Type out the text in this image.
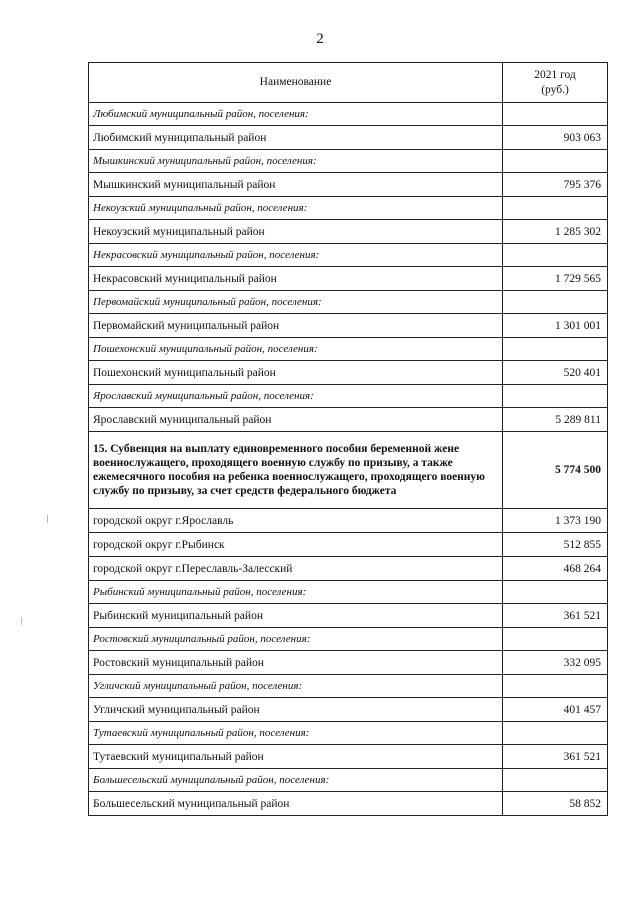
2
Наименование	2021 год
(руб.)
Любимский муниципальный район, поселения:	
Любимский муниципальный район	903 063
Мышкинский муниципальный район, поселения:	
Мышкинский муниципальный район	795 376
Некоузский муниципальный район, поселения:	
Некоузский муниципальный район	1 285 302
Некрасовский муниципальный район, поселения:	
Некрасовский муниципальный район	1 729 565
Первомайский муниципальный район, поселения:	
Первомайский муниципальный район	1 301 001
Пошехонский муниципальный район, поселения:	
Пошехонский муниципальный район	520 401
Ярославский муниципальный район, поселения:	
Ярославский муниципальный район	5 289 811
15. Субвенция на выплату единовременного пособия беременной жене военнослужащего, проходящего военную службу по призыву, а также ежемесячного пособия на ребенка военнослужащего, проходящего военную службу по призыву, за счет средств федерального бюджета	5 774 500
городской округ г.Ярославль	1 373 190
городской округ г.Рыбинск	512 855
городской округ г.Переславль-Залесский	468 264
Рыбинский муниципальный район, поселения:	
Рыбинский муниципальный район	361 521
Ростовский муниципальный район, поселения:	
Ростовский муниципальный район	332 095
Угличский муниципальный район, поселения:	
Угличский муниципальный район	401 457
Тутаевский муниципальный район, поселения:	
Тутаевский муниципальный район	361 521
Большесельский муниципальный район, поселения:	
Большесельский муниципальный район	58 852
